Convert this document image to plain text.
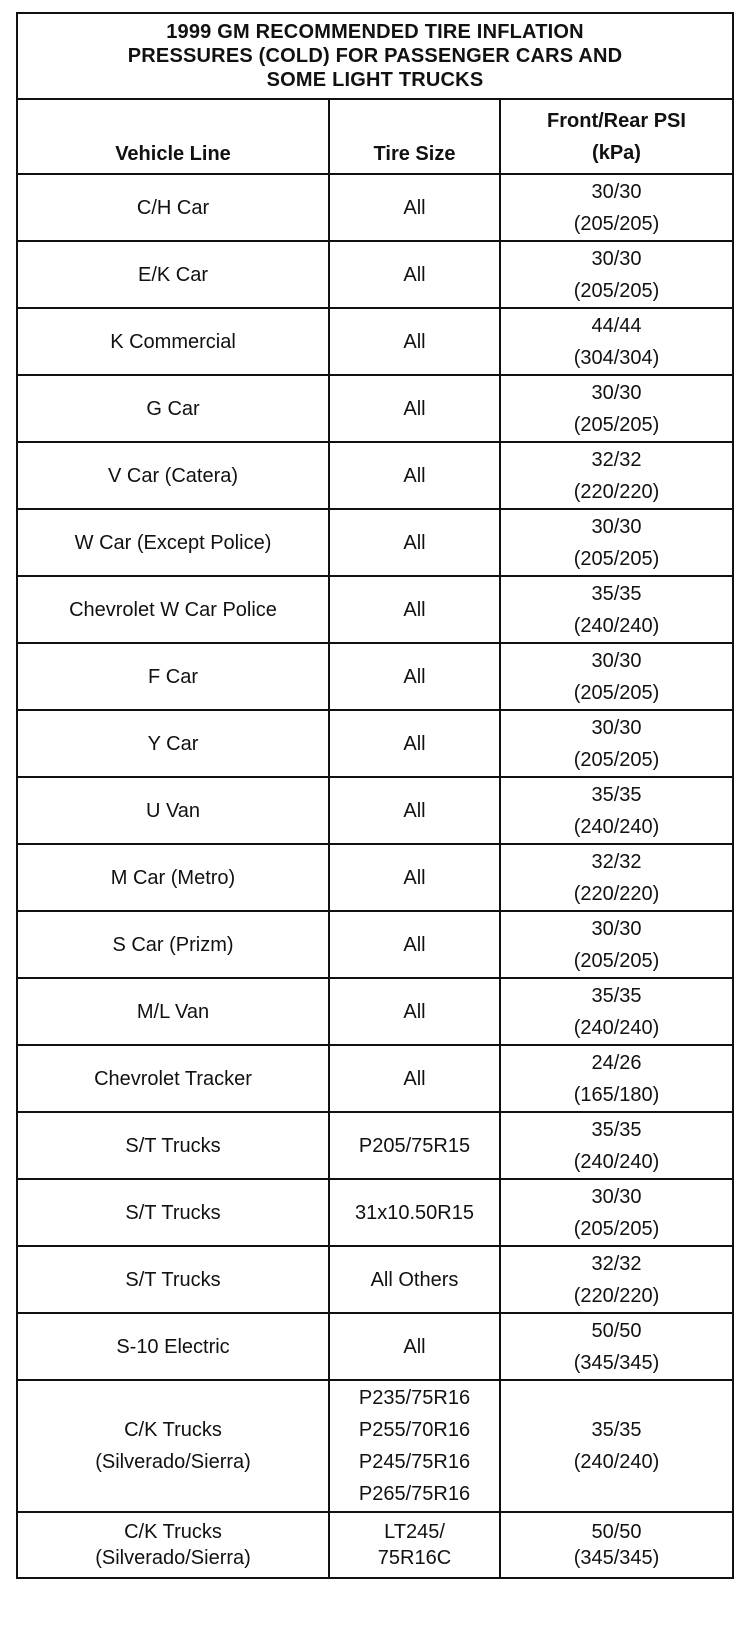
1999 GM RECOMMENDED TIRE INFLATION
PRESSURES (COLD) FOR PASSENGER CARS AND
SOME LIGHT TRUCKS
Vehicle Line	Tire Size	Front/Rear PSI
(kPa)

C/H Car	All	30/30
(205/205)

E/K Car	All	30/30
(205/205)

K Commercial	All	44/44
(304/304)

G Car	All	30/30
(205/205)

V Car (Catera)	All	32/32
(220/220)

W Car (Except Police)	All	30/30
(205/205)

Chevrolet W Car Police	All	35/35
(240/240)

F Car	All	30/30
(205/205)

Y Car	All	30/30
(205/205)

U Van	All	35/35
(240/240)

M Car (Metro)	All	32/32
(220/220)

S Car (Prizm)	All	30/30
(205/205)

M/L Van	All	35/35
(240/240)

Chevrolet Tracker	All	24/26
(165/180)

S/T Trucks	P205/75R15	35/35
(240/240)

S/T Trucks	31x10.50R15	30/30
(205/205)

S/T Trucks	All Others	32/32
(220/220)

S-10 Electric	All	50/50
(345/345)

C/K Trucks
(Silverado/Sierra)	P235/75R16
P255/70R16
P245/75R16
P265/75R16	35/35
(240/240)

C/K Trucks
(Silverado/Sierra)	LT245/
75R16C	50/50
(345/345)
